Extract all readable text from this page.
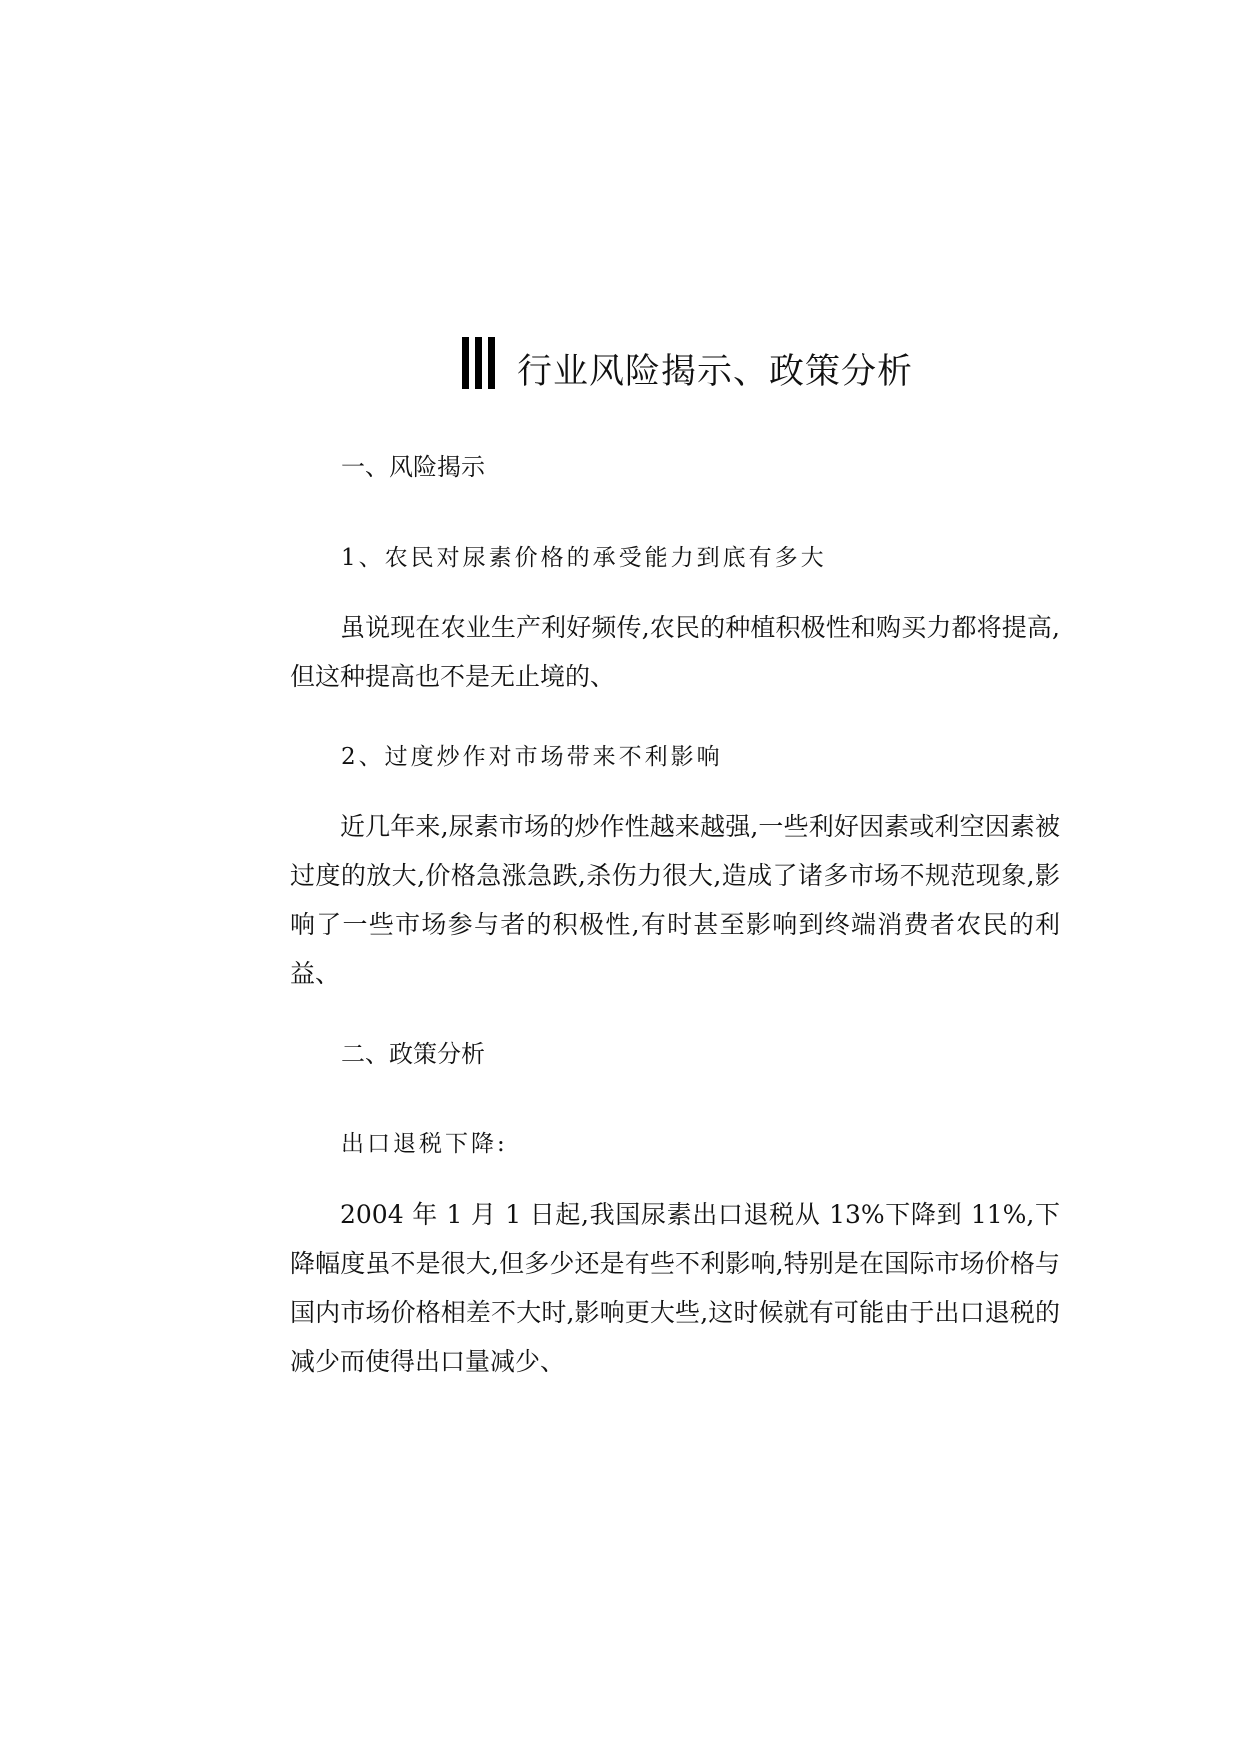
行业风险揭示、政策分析
一、风险揭示
1、农民对尿素价格的承受能力到底有多大

虽说现在农业生产利好频传,农民的种植积极性和购买力都将提高,但这种提高也不是无止境的、

2、过度炒作对市场带来不利影响

近几年来,尿素市场的炒作性越来越强,一些利好因素或利空因素被过度的放大,价格急涨急跌,杀伤力很大,造成了诸多市场不规范现象,影响了一些市场参与者的积极性,有时甚至影响到终端消费者农民的利益、

二、政策分析
出口退税下降:

2004 年 1 月 1 日起,我国尿素出口退税从 13%下降到 11%,下降幅度虽不是很大,但多少还是有些不利影响,特别是在国际市场价格与国内市场价格相差不大时,影响更大些,这时候就有可能由于出口退税的减少而使得出口量减少、
